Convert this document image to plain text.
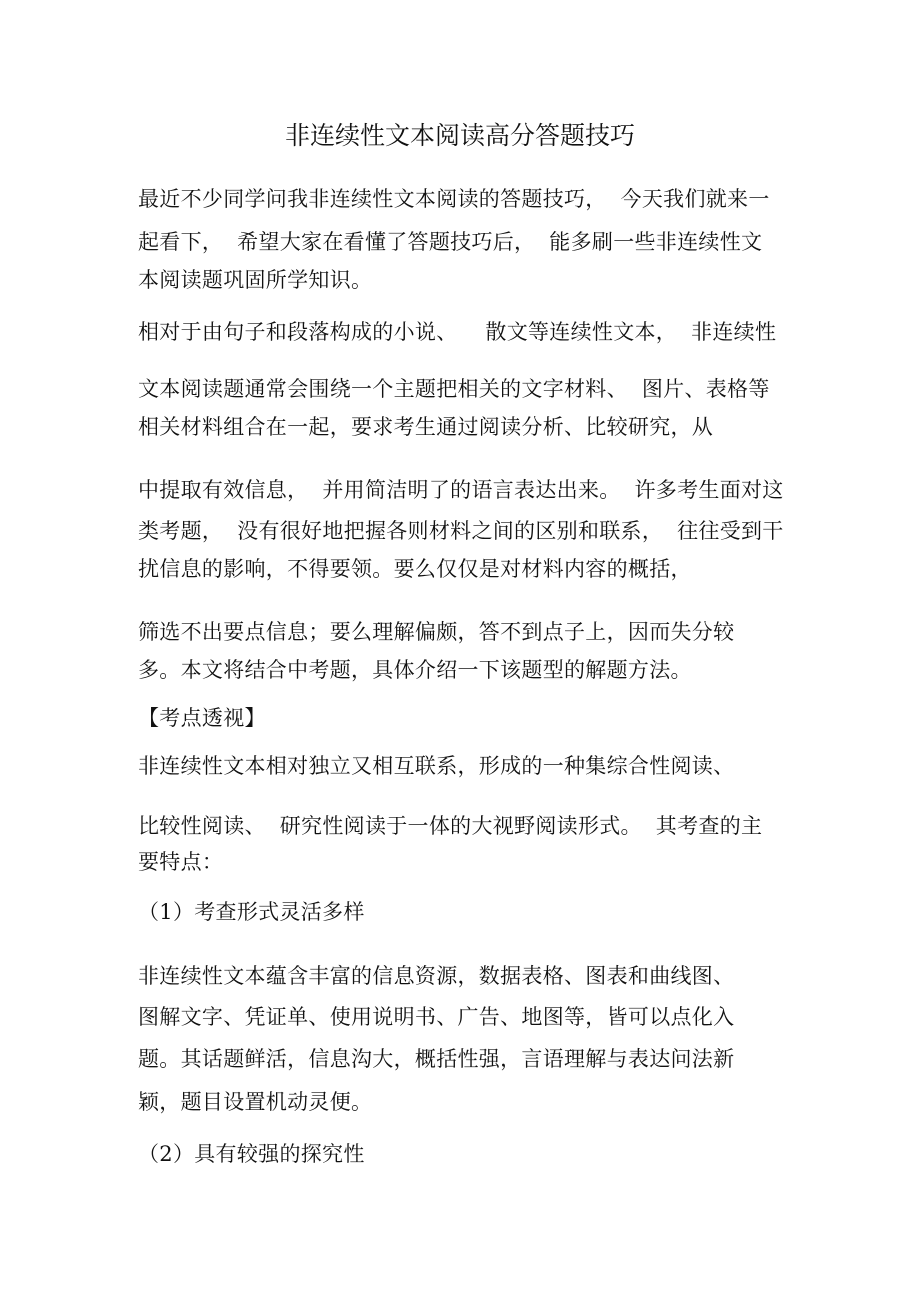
非连续性文本阅读高分答题技巧
最近不少同学问我非连续性文本阅读的答题技巧，  今天我们就来一
起看下，  希望大家在看懂了答题技巧后，  能多刷一些非连续性文
本阅读题巩固所学知识。
相对于由句子和段落构成的小说、    散文等连续性文本，  非连续性
文本阅读题通常会围绕一个主题把相关的文字材料、  图片、表格等
相关材料组合在一起，要求考生通过阅读分析、比较研究，从
中提取有效信息，  并用简洁明了的语言表达出来。  许多考生面对这
类考题，  没有很好地把握各则材料之间的区别和联系，  往往受到干
扰信息的影响，不得要领。要么仅仅是对材料内容的概括，
筛选不出要点信息；要么理解偏颇，答不到点子上，因而失分较
多。本文将结合中考题，具体介绍一下该题型的解题方法。
【考点透视】
非连续性文本相对独立又相互联系，形成的一种集综合性阅读、
比较性阅读、  研究性阅读于一体的大视野阅读形式。  其考查的主
要特点：
（1）考查形式灵活多样
非连续性文本蕴含丰富的信息资源，数据表格、图表和曲线图、
图解文字、凭证单、使用说明书、广告、地图等，皆可以点化入
题。其话题鲜活，信息沟大，概括性强，言语理解与表达问法新
颖，题目设置机动灵便。
（2）具有较强的探究性
